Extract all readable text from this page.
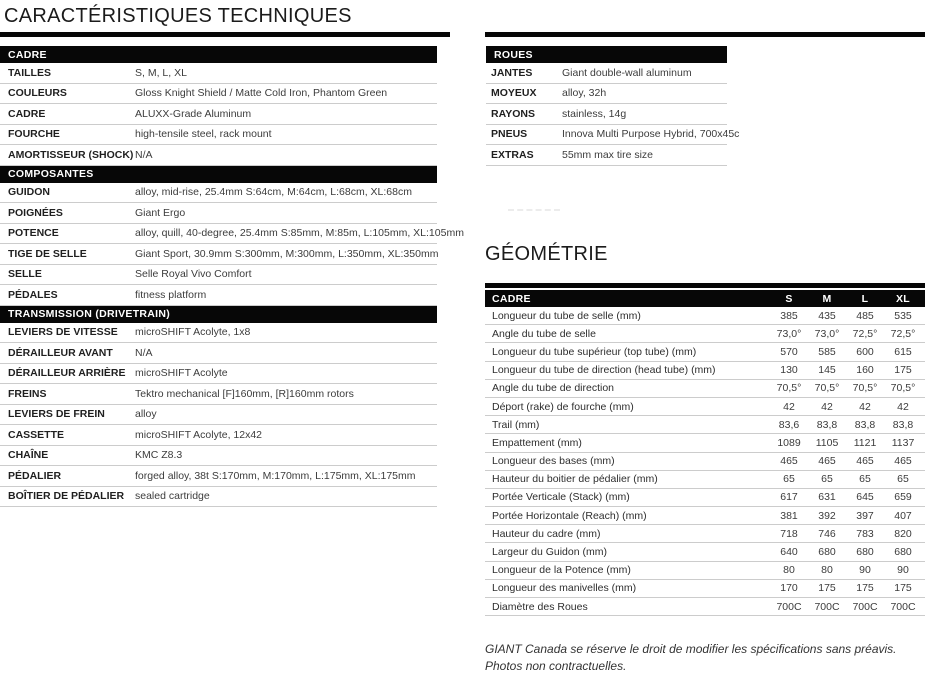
CARACTÉRISTIQUES TECHNIQUES
CADRE
TAILLES	S, M, L, XL
COULEURS	Gloss Knight Shield / Matte Cold Iron, Phantom Green
CADRE	ALUXX-Grade Aluminum
FOURCHE	high-tensile steel, rack mount
AMORTISSEUR (SHOCK) N/A
COMPOSANTES
GUIDON	alloy, mid-rise, 25.4mm S:64cm, M:64cm, L:68cm, XL:68cm
POIGNÉES	Giant Ergo
POTENCE	alloy, quill, 40-degree, 25.4mm S:85mm, M:85m, L:105mm, XL:105mm
TIGE DE SELLE	Giant Sport, 30.9mm S:300mm, M:300mm, L:350mm, XL:350mm
SELLE	Selle Royal Vivo Comfort
PÉDALES	fitness platform
TRANSMISSION (DRIVETRAIN)
LEVIERS DE VITESSE	microSHIFT Acolyte, 1x8
DÉRAILLEUR AVANT	N/A
DÉRAILLEUR ARRIÈRE microSHIFT Acolyte
FREINS	Tektro mechanical [F]160mm, [R]160mm rotors
LEVIERS DE FREIN	alloy
CASSETTE	microSHIFT Acolyte, 12x42
CHAÎNE	KMC Z8.3
PÉDALIER	forged alloy, 38t S:170mm, M:170mm, L:175mm, XL:175mm
BOÎTIER DE PÉDALIER	sealed cartridge
ROUES
JANTES	Giant double-wall aluminum
MOYEUX	alloy, 32h
RAYONS	stainless, 14g
PNEUS	Innova Multi Purpose Hybrid, 700x45c
EXTRAS	55mm max tire size
GÉOMÉTRIE
CADRE	S	M	L	XL
Longueur du tube de selle (mm)	385	435	485	535
Angle du tube de selle	73,0°	73,0°	72,5°	72,5°
Longueur du tube supérieur (top tube) (mm)	570	585	600	615
Longueur du tube de direction (head tube) (mm)	130	145	160	175
Angle du tube de direction	70,5°	70,5°	70,5°	70,5°
Déport (rake) de fourche (mm)	42	42	42	42
Trail (mm)	83,6	83,8	83,8	83,8
Empattement (mm)	1089	1105	1121	1137
Longueur des bases (mm)	465	465	465	465
Hauteur du boitier de pédalier (mm)	65	65	65	65
Portée Verticale (Stack) (mm)	617	631	645	659
Portée Horizontale (Reach) (mm)	381	392	397	407
Hauteur du cadre (mm)	718	746	783	820
Largeur du Guidon (mm)	640	680	680	680
Longueur de la Potence (mm)	80	80	90	90
Longueur des manivelles (mm)	170	175	175	175
Diamètre des Roues	700C	700C	700C	700C
GIANT Canada se réserve le droit de modifier les spécifications sans préavis. Photos non contractuelles.
